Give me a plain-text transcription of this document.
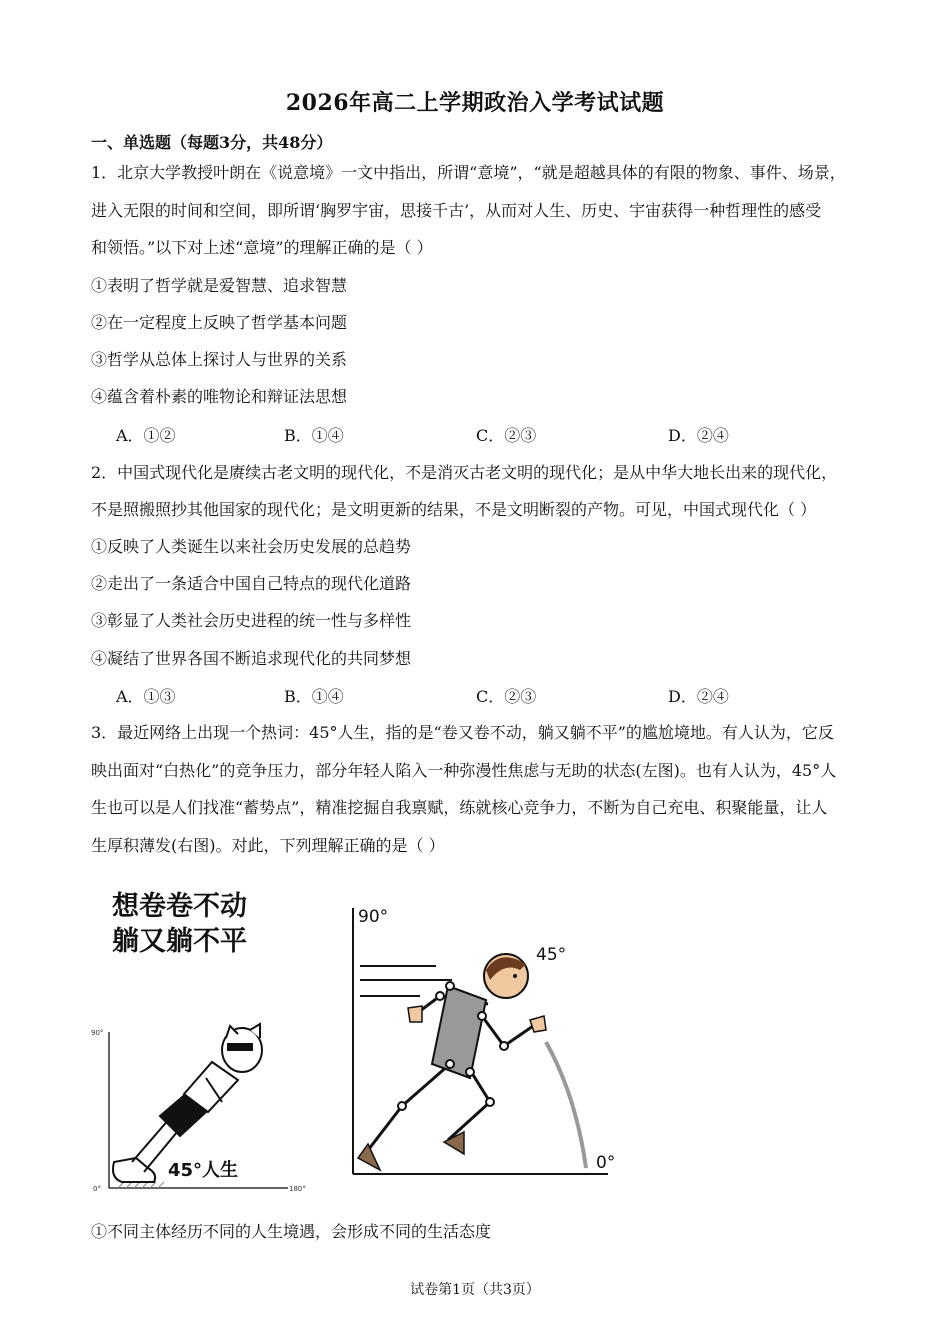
2026年高二上学期政治入学考试试题
一、单选题（每题3分，共48分）
1．北京大学教授叶朗在《说意境》一文中指出，所谓“意境”，“就是超越具体的有限的物象、事件、场景，
进入无限的时间和空间，即所谓‘胸罗宇宙，思接千古’，从而对人生、历史、宇宙获得一种哲理性的感受
和领悟。”以下对上述“意境”的理解正确的是（ ）
①表明了哲学就是爱智慧、追求智慧
②在一定程度上反映了哲学基本问题
③哲学从总体上探讨人与世界的关系
④蕴含着朴素的唯物论和辩证法思想
A．①②	B．①④	C．②③	D．②④
2．中国式现代化是赓续古老文明的现代化，不是消灭古老文明的现代化；是从中华大地长出来的现代化，
不是照搬照抄其他国家的现代化；是文明更新的结果，不是文明断裂的产物。可见，中国式现代化（ ）
①反映了人类诞生以来社会历史发展的总趋势
②走出了一条适合中国自己特点的现代化道路
③彰显了人类社会历史进程的统一性与多样性
④凝结了世界各国不断追求现代化的共同梦想
A．①③	B．①④	C．②③	D．②④
3．最近网络上出现一个热词：45°人生，指的是“卷又卷不动，躺又躺不平”的尴尬境地。有人认为，它反
映出面对“白热化”的竞争压力，部分年轻人陷入一种弥漫性焦虑与无助的状态(左图)。也有人认为，45°人
生也可以是人们找准“蓄势点”，精准挖掘自我禀赋，练就核心竞争力，不断为自己充电、积聚能量，让人
生厚积薄发(右图)。对此，下列理解正确的是（ ）
想卷卷不动
躺又躺不平
90°
0°	180°
45°人生
90°
45°
0°
①不同主体经历不同的人生境遇，会形成不同的生活态度
试卷第1页（共3页）
